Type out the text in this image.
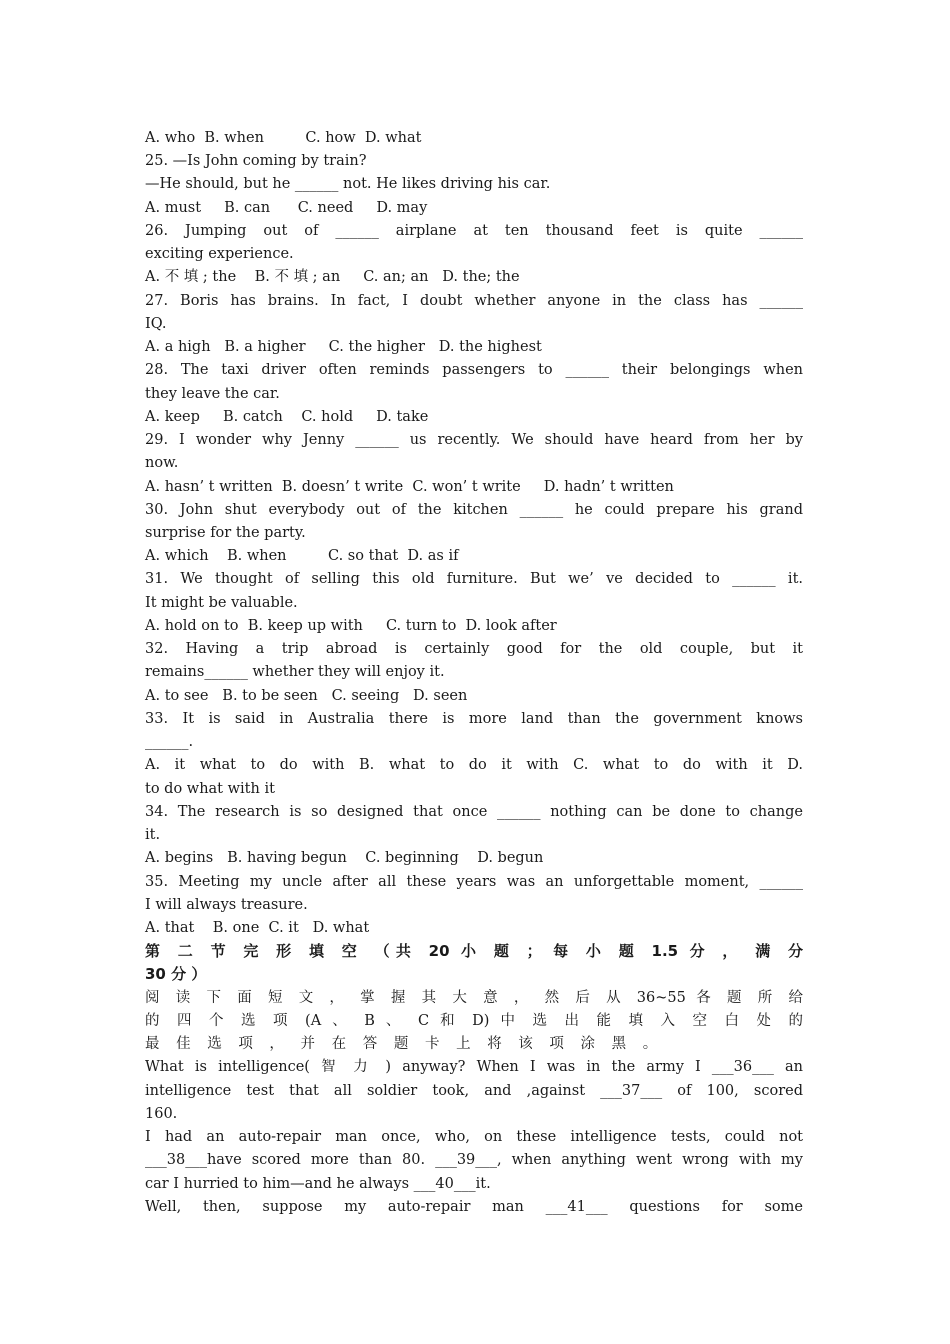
A. who  B. when         C. how  D. what
25. —Is John coming by train?
—He should, but he ______ not. He likes driving his car.
A. must     B. can      C. need     D. may
26. Jumping out of ______ airplane at ten thousand feet is quite ______
exciting experience.
A. 不 填 ; the    B. 不 填 ; an     C. an; an   D. the; the
27. Boris has brains. In fact, I doubt whether anyone in the class has ______
IQ.
A. a high   B. a higher     C. the higher   D. the highest
28. The taxi driver often reminds passengers to ______ their belongings when
they leave the car.
A. keep     B. catch    C. hold     D. take
29. I wonder why Jenny ______ us recently. We should have heard from her by
now.
A. hasn’ t written  B. doesn’ t write  C. won’ t write     D. hadn’ t written
30. John shut everybody out of the kitchen ______ he could prepare his grand
surprise for the party.
A. which    B. when         C. so that  D. as if
31. We thought of selling this old furniture. But we’ ve decided to ______ it.
It might be valuable.
A. hold on to  B. keep up with     C. turn to  D. look after
32. Having a trip abroad is certainly good for the old couple, but it
remains______ whether they will enjoy it.
A. to see   B. to be seen   C. seeing   D. seen
33. It is said in Australia there is more land than the government knows
______.
A. it what to do with B. what to do it with C. what to do with it D.
to do what with it
34. The research is so designed that once ______ nothing can be done to change
it.
A. begins   B. having begun    C. beginning    D. begun
35. Meeting my uncle after all these years was an unforgettable moment, ______
I will always treasure.
A. that    B. one  C. it   D. what
第 二 节 完 形 填 空 （共 20 小 题 ； 每 小 题 1.5 分 ， 满 分
30 分 ）
阅 读 下 面 短 文 ， 掌 握 其 大 意 ， 然 后 从 36~55 各 题 所 给
的 四 个 选 项 (A 、 B 、 C 和 D) 中 选 出 能 填 入 空 白 处 的
最 佳 选 项 ， 并 在 答 题 卡 上 将 该 项 涂 黑 。
What is intelligence( 智 力 ) anyway? When I was in the army I ___36___ an
intelligence test that all soldier took, and ,against ___37___ of 100, scored
160.
I had an auto-repair man once, who, on these intelligence tests, could not
___38___have scored more than 80. ___39___, when anything went wrong with my
car I hurried to him—and he always ___40___it.
Well, then, suppose my auto-repair man ___41___ questions for some
